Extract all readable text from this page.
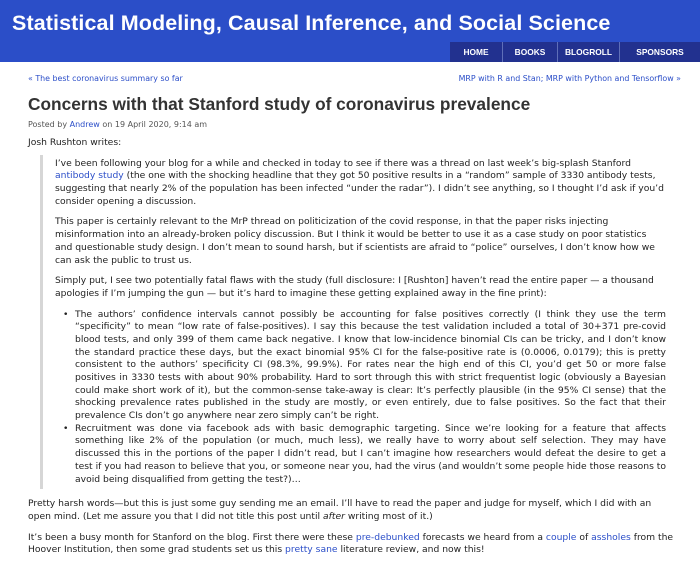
Statistical Modeling, Causal Inference, and Social Science
HOME	BOOKS	BLOGROLL	SPONSORS
« The best coronavirus summary so far	MRP with R and Stan; MRP with Python and Tensorflow »
Concerns with that Stanford study of coronavirus prevalence
Posted by Andrew on 19 April 2020, 9:14 am

Josh Rushton writes:

I’ve been following your blog for a while and checked in today to see if there was a thread on last week’s big-splash Stanford antibody study (the one with the shocking headline that they got 50 positive results in a “random” sample of 3330 antibody tests, suggesting that nearly 2% of the population has been infected “under the radar”). I didn’t see anything, so I thought I’d ask if you’d consider opening a discussion.

This paper is certainly relevant to the MrP thread on politicization of the covid response, in that the paper risks injecting misinformation into an already-broken policy discussion. But I think it would be better to use it as a case study on poor statistics and questionable study design. I don’t mean to sound harsh, but if scientists are afraid to “police” ourselves, I don’t know how we can ask the public to trust us.

Simply put, I see two potentially fatal flaws with the study (full disclosure: I [Rushton] haven’t read the entire paper — a thousand apologies if I’m jumping the gun — but it’s hard to imagine these getting explained away in the fine print):

• The authors’ confidence intervals cannot possibly be accounting for false positives correctly (I think they use the term “specificity” to mean “low rate of false-positives). I say this because the test validation included a total of 30+371 pre-covid blood tests, and only 399 of them came back negative. I know that low-incidence binomial CIs can be tricky, and I don’t know the standard practice these days, but the exact binomial 95% CI for the false-positive rate is (0.0006, 0.0179); this is pretty consistent to the authors’ specificity CI (98.3%, 99.9%). For rates near the high end of this CI, you’d get 50 or more false positives in 3330 tests with about 90% probability. Hard to sort through this with strict frequentist logic (obviously a Bayesian could make short work of it), but the common-sense take-away is clear: It’s perfectly plausible (in the 95% CI sense) that the shocking prevalence rates published in the study are mostly, or even entirely, due to false positives. So the fact that their prevalence CIs don’t go anywhere near zero simply can’t be right.
• Recruitment was done via facebook ads with basic demographic targeting. Since we’re looking for a feature that affects something like 2% of the population (or much, much less), we really have to worry about self selection. They may have discussed this in the portions of the paper I didn’t read, but I can’t imagine how researchers would defeat the desire to get a test if you had reason to believe that you, or someone near you, had the virus (and wouldn’t some people hide those reasons to avoid being disqualified from getting the test?)…

Pretty harsh words—but this is just some guy sending me an email. I’ll have to read the paper and judge for myself, which I did with an open mind. (Let me assure you that I did not title this post until after writing most of it.)

It’s been a busy month for Stanford on the blog. First there were these pre-debunked forecasts we heard from a couple of assholes from the Hoover Institution, then some grad students set us this pretty sane literature review, and now this!
